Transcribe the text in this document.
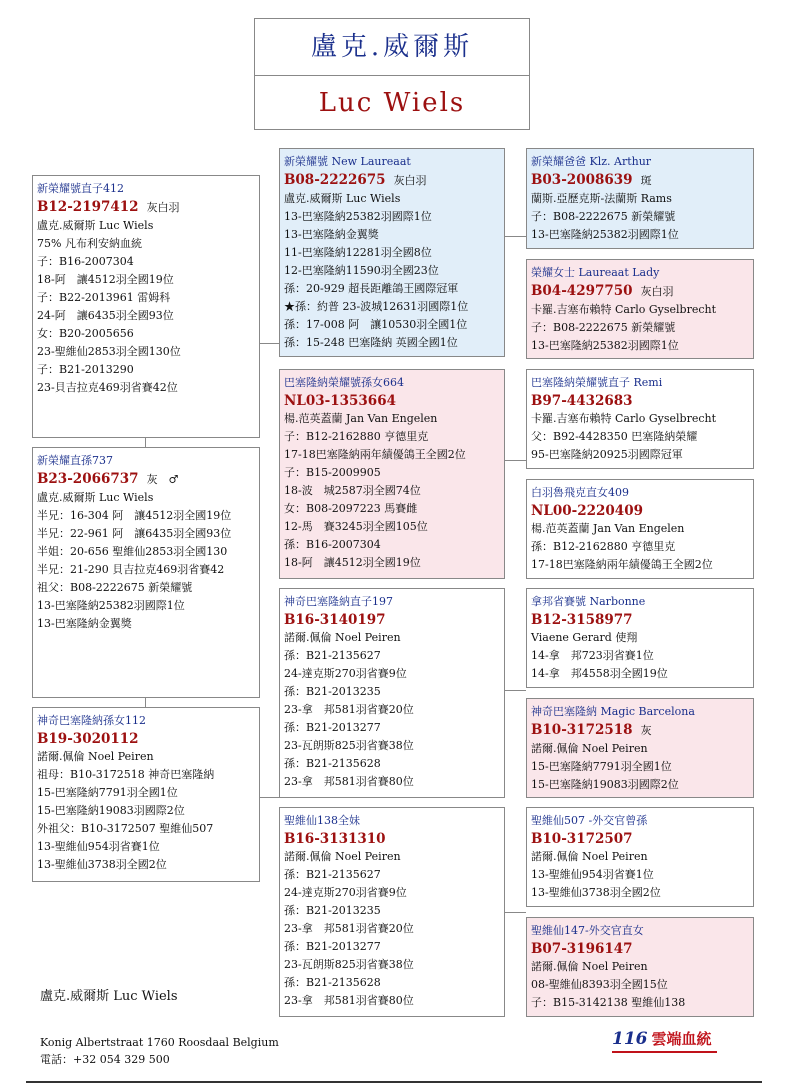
盧克.威爾斯
Luc Wiels
新榮耀號直子412
B12-2197412 灰白羽
盧克.威爾斯 Luc Wiels
75% 凡布利安納血統
子：B16-2007304
18-阿　讓4512羽全國19位
子：B22-2013961 雷姆科
24-阿　讓6435羽全國93位
女：B20-2005656
23-聖維仙2853羽全國130位
子：B21-2013290
23-貝吉拉克469羽省賽42位
新榮耀直孫737
B23-2066737 灰　♂
盧克.威爾斯 Luc Wiels
半兄：16-304 阿　讓4512羽全國19位
半兄：22-961 阿　讓6435羽全國93位
半姐：20-656 聖維仙2853羽全國130
半兄：21-290 貝吉拉克469羽省賽42
祖父：B08-2222675 新榮耀號
13-巴塞隆納25382羽國際1位
13-巴塞隆納金翼獎
神奇巴塞隆納孫女112
B19-3020112
諾爾.佩倫 Noel Peiren
祖母：B10-3172518 神奇巴塞隆納
15-巴塞隆納7791羽全國1位
15-巴塞隆納19083羽國際2位
外祖父：B10-3172507 聖維仙507
13-聖維仙954羽省賽1位
13-聖維仙3738羽全國2位
新榮耀號 New Laureaat
B08-2222675 灰白羽
盧克.威爾斯 Luc Wiels
13-巴塞隆納25382羽國際1位
13-巴塞隆納金翼獎
11-巴塞隆納12281羽全國8位
12-巴塞隆納11590羽全國23位
孫：20-929 超長距離鴿王國際冠軍
★孫：約普 23-波城12631羽國際1位
孫：17-008 阿　讓10530羽全國1位
孫：15-248 巴塞隆納 英國全國1位
巴塞隆納榮耀號孫女664
NL03-1353664
楊.范英蓋蘭 Jan Van Engelen
子：B12-2162880 亨德里克
17-18巴塞隆納兩年績優鴿王全國2位
子：B15-2009905
18-波　城2587羽全國74位
女：B08-2097223 馬賽雌
12-馬　賽3245羽全國105位
孫：B16-2007304
18-阿　讓4512羽全國19位
神奇巴塞隆納直子197
B16-3140197
諾爾.佩倫 Noel Peiren
孫：B21-2135627
24-達克斯270羽省賽9位
孫：B21-2013235
23-拿　邦581羽省賽20位
孫：B21-2013277
23-瓦朗斯825羽省賽38位
孫：B21-2135628
23-拿　邦581羽省賽80位
聖維仙138全妹
B16-3131310
諾爾.佩倫 Noel Peiren
孫：B21-2135627
24-達克斯270羽省賽9位
孫：B21-2013235
23-拿　邦581羽省賽20位
孫：B21-2013277
23-瓦朗斯825羽省賽38位
孫：B21-2135628
23-拿　邦581羽省賽80位
新榮耀爸爸 Klz. Arthur
B03-2008639 斑
蘭斯.亞歷克斯-法蘭斯 Rams
子：B08-2222675 新榮耀號
13-巴塞隆納25382羽國際1位
榮耀女士 Laureaat Lady
B04-4297750 灰白羽
卡羅.吉塞布賴特 Carlo Gyselbrecht
子：B08-2222675 新榮耀號
13-巴塞隆納25382羽國際1位
巴塞隆納榮耀號直子 Remi
B97-4432683
卡羅.吉塞布賴特 Carlo Gyselbrecht
父：B92-4428350 巴塞隆納榮耀
95-巴塞隆納20925羽國際冠軍
白羽魯飛克直女409
NL00-2220409
楊.范英蓋蘭 Jan Van Engelen
孫：B12-2162880 亨德里克
17-18巴塞隆納兩年績優鴿王全國2位
拿邦省賽號 Narbonne
B12-3158977
Viaene Gerard 使翔
14-拿　邦723羽省賽1位
14-拿　邦4558羽全國19位
神奇巴塞隆納 Magic Barcelona
B10-3172518 灰
諾爾.佩倫 Noel Peiren
15-巴塞隆納7791羽全國1位
15-巴塞隆納19083羽國際2位
聖維仙507 -外交官曾孫
B10-3172507
諾爾.佩倫 Noel Peiren
13-聖維仙954羽省賽1位
13-聖維仙3738羽全國2位
聖維仙147-外交官直女
B07-3196147
諾爾.佩倫 Noel Peiren
08-聖維仙8393羽全國15位
子：B15-3142138 聖維仙138
盧克.威爾斯 Luc Wiels
Konig Albertstraat 1760 Roosdaal Belgium
電話：+32 054 329 500
116 雲端血統
